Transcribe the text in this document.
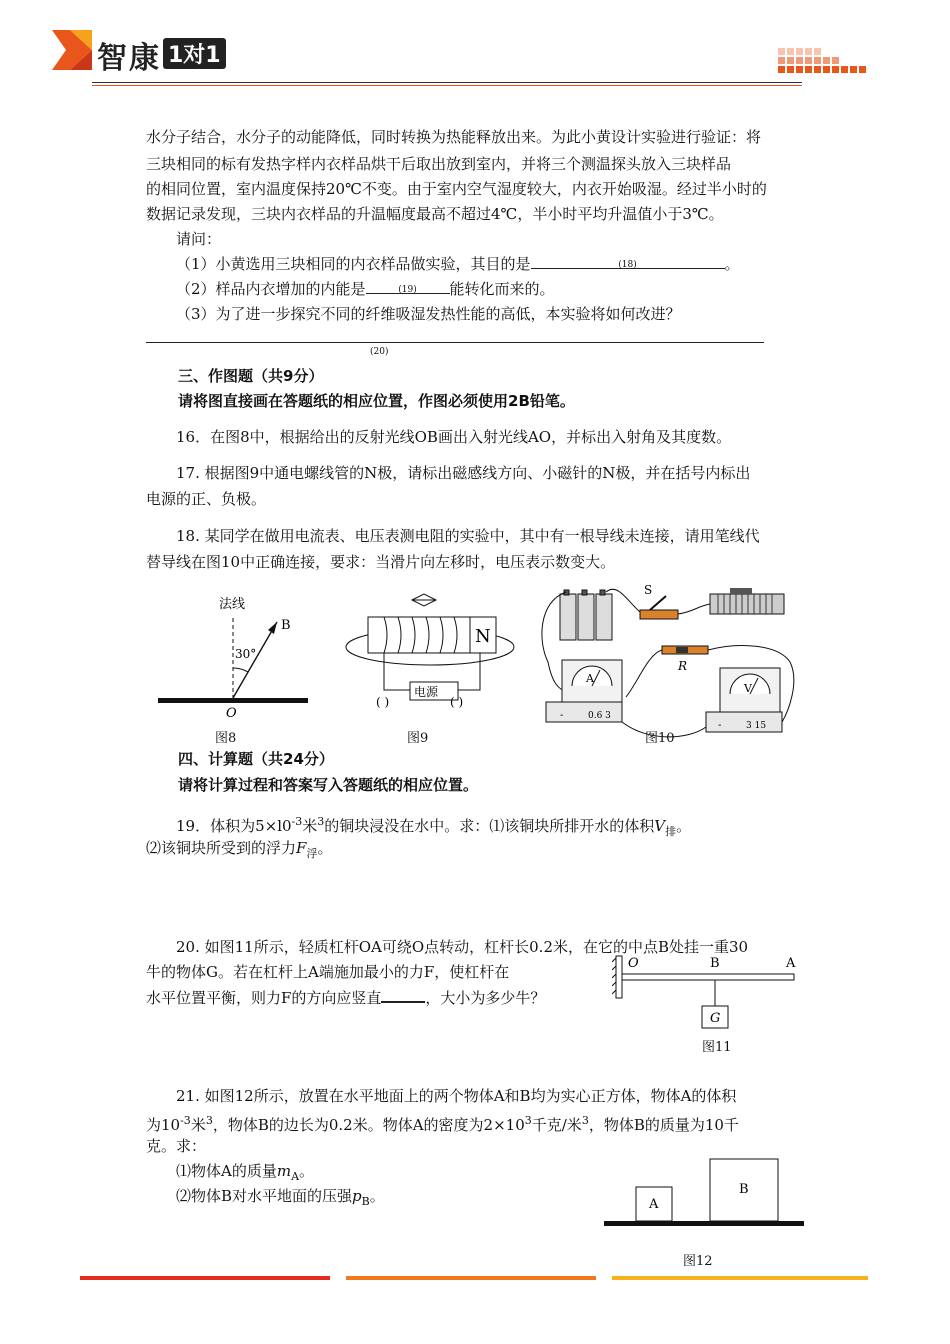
智康 1对1
水分子结合，水分子的动能降低，同时转换为热能释放出来。为此小黄设计实验进行验证：将
三块相同的标有发热字样内衣样品烘干后取出放到室内，并将三个测温探头放入三块样品
的相同位置，室内温度保持20℃不变。由于室内空气湿度较大，内衣开始吸湿。经过半小时的
数据记录发现，三块内衣样品的升温幅度最高不超过4℃，半小时平均升温值小于3℃。
请问：
（1）小黄选用三块相同的内衣样品做实验，其目的是	(18)	。
（2）样品内衣增加的内能是	(19)	能转化而来的。
（3）为了进一步探究不同的纤维吸湿发热性能的高低，本实验将如何改进？
(20)
三、作图题（共9分）
请将图直接画在答题纸的相应位置，作图必须使用2B铅笔。
16．在图8中，根据给出的反射光线OB画出入射光线AO，并标出入射角及其度数。
17. 根据图9中通电螺线管的N极，请标出磁感线方向、小磁针的N极，并在括号内标出
电源的正、负极。
18. 某同学在做用电流表、电压表测电阻的实验中，其中有一根导线未连接，请用笔线代
替导线在图10中正确连接，要求：当滑片向左移时，电压表示数变大。
法线
B
30°
O
图8
N
电源
( )	( )
图9
S
R
A
-	0.6 3
V
-	3 15
图10
四、计算题（共24分）
请将计算过程和答案写入答题纸的相应位置。
19．体积为$5\times l0^{-3}$米$^3$的铜块浸没在水中。求：⑴该铜块所排开水的体积$V_排$。
⑵该铜块所受到的浮力$F_浮$。
20. 如图11所示，轻质杠杆OA可绕O点转动，杠杆长0.2米，在它的中点B处挂一重30
牛的物体G。若在杠杆上A端施加最小的力F，使杠杆在
水平位置平衡，则力F的方向应竖直	，大小为多少牛？
O	B	A
G
图11
21. 如图12所示，放置在水平地面上的两个物体A和B均为实心正方体，物体A的体积
为$10^{-3}$米$^3$，物体B的边长为0.2米。物体A的密度为$2\times 10^3$千克/米$^3$，物体B的质量为10千
克。求：
⑴物体A的质量$m_A$。
⑵物体B对水平地面的压强$p_B$。	A
B
图12
